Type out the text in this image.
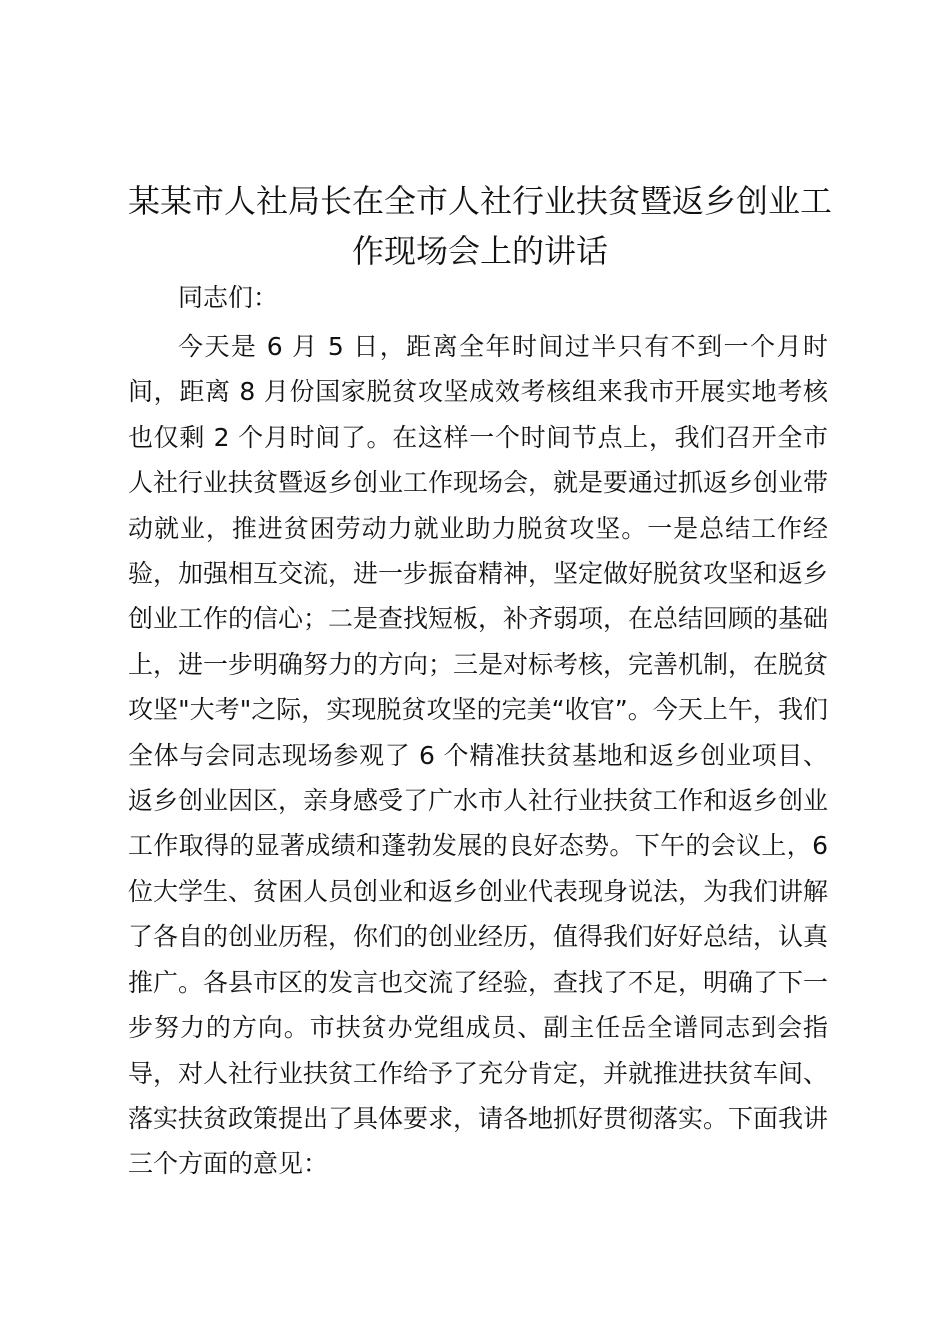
某某市人社局长在全市人社行业扶贫暨返乡创业工作现场会上的讲话

同志们：

今天是 6 月 5 日，距离全年时间过半只有不到一个月时间，距离 8 月份国家脱贫攻坚成效考核组来我市开展实地考核也仅剩 2 个月时间了。在这样一个时间节点上，我们召开全市人社行业扶贫暨返乡创业工作现场会，就是要通过抓返乡创业带动就业，推进贫困劳动力就业助力脱贫攻坚。一是总结工作经验，加强相互交流，进一步振奋精神，坚定做好脱贫攻坚和返乡创业工作的信心；二是查找短板，补齐弱项，在总结回顾的基础上，进一步明确努力的方向；三是对标考核，完善机制，在脱贫攻坚"大考"之际，实现脱贫攻坚的完美“收官”。今天上午，我们全体与会同志现场参观了 6 个精准扶贫基地和返乡创业项目、返乡创业因区，亲身感受了广水市人社行业扶贫工作和返乡创业工作取得的显著成绩和蓬勃发展的良好态势。下午的会议上，6 位大学生、贫困人员创业和返乡创业代表现身说法，为我们讲解了各自的创业历程，你们的创业经历，值得我们好好总结，认真推广。各县市区的发言也交流了经验，查找了不足，明确了下一步努力的方向。市扶贫办党组成员、副主任岳全谱同志到会指导，对人社行业扶贫工作给予了充分肯定，并就推进扶贫车间、落实扶贫政策提出了具体要求，请各地抓好贯彻落实。下面我讲三个方面的意见：
